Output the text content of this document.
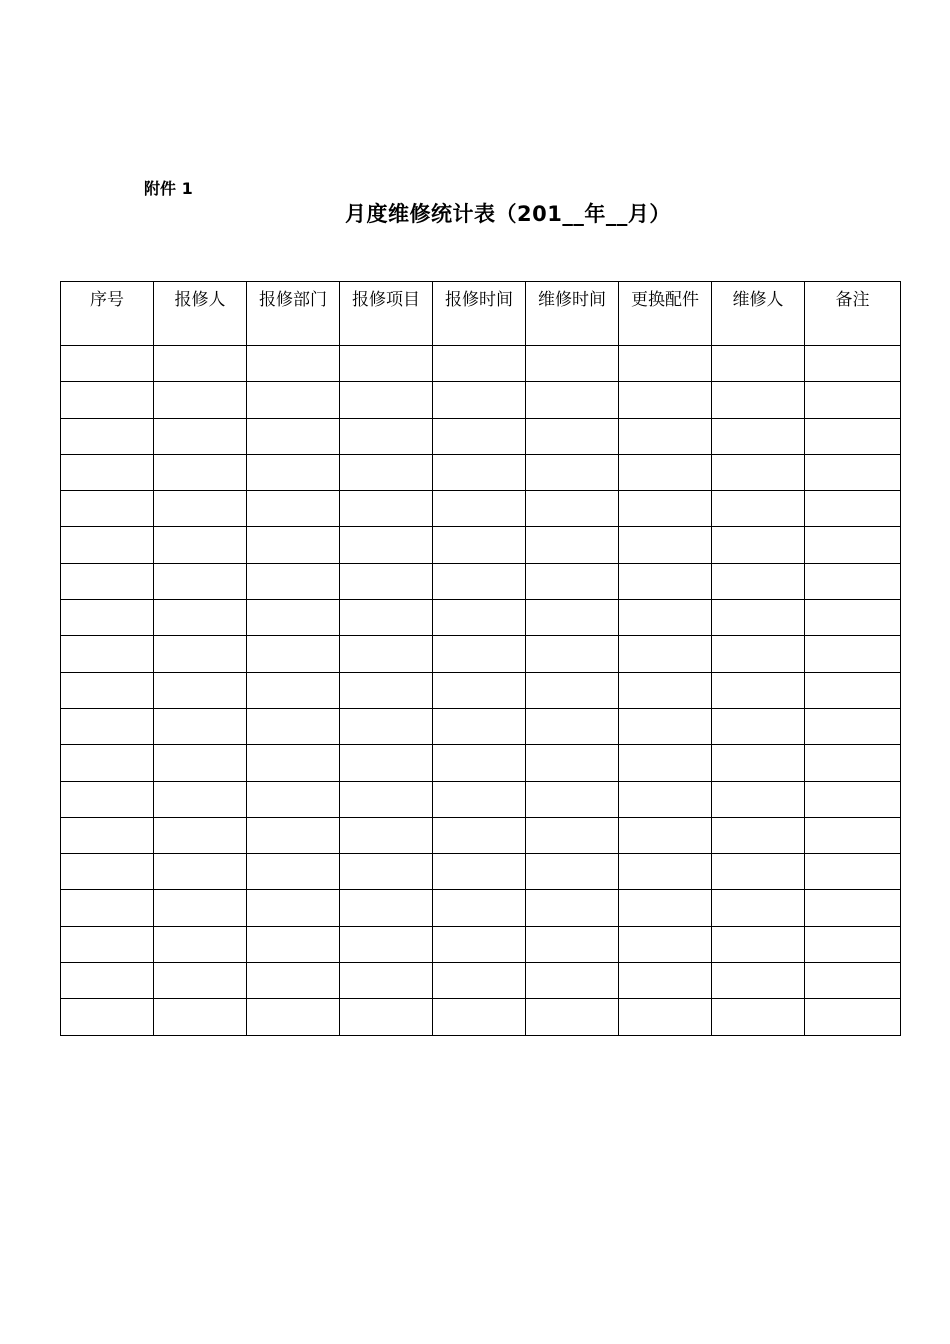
附件 1
月度维修统计表（201__年__月）
序号	报修人	报修部门	报修项目	报修时间	维修时间	更换配件	维修人	备注
